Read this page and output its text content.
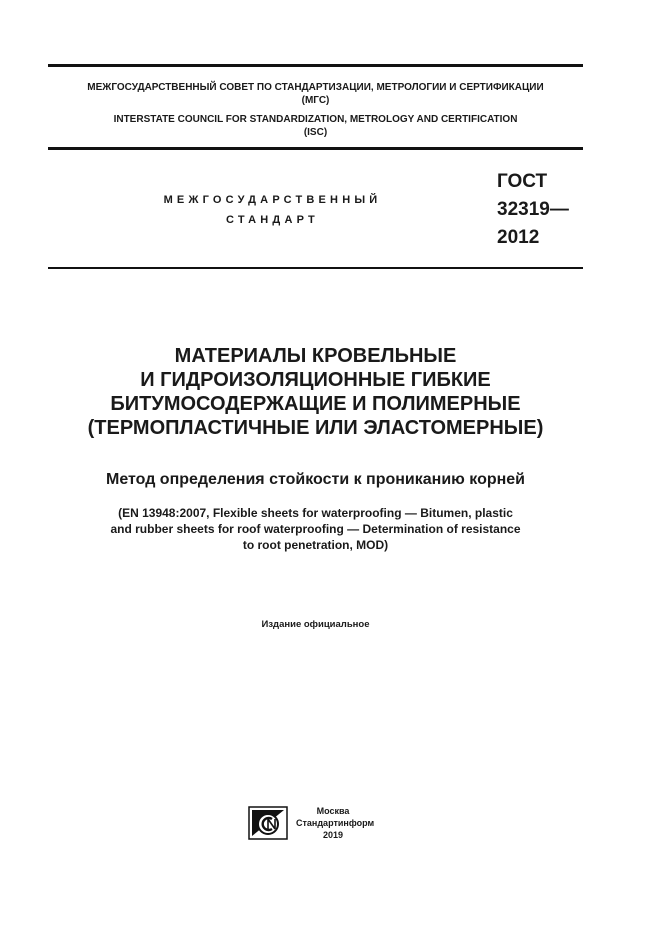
МЕЖГОСУДАРСТВЕННЫЙ СОВЕТ ПО СТАНДАРТИЗАЦИИ, МЕТРОЛОГИИ И СЕРТИФИКАЦИИ
(МГС)
INTERSTATE COUNCIL FOR STANDARDIZATION, METROLOGY AND CERTIFICATION
(ISC)
МЕЖГОСУДАРСТВЕННЫЙ
СТАНДАРТ
ГОСТ
32319—
2012
МАТЕРИАЛЫ КРОВЕЛЬНЫЕ
И ГИДРОИЗОЛЯЦИОННЫЕ ГИБКИЕ
БИТУМОСОДЕРЖАЩИЕ И ПОЛИМЕРНЫЕ
(ТЕРМОПЛАСТИЧНЫЕ ИЛИ ЭЛАСТОМЕРНЫЕ)
Метод определения стойкости к прониканию корней
(EN 13948:2007, Flexible sheets for waterproofing — Bitumen, plastic
and rubber sheets for roof waterproofing — Determination of resistance
to root penetration, MOD)
Издание официальное
Москва
Стандартинформ
2019
